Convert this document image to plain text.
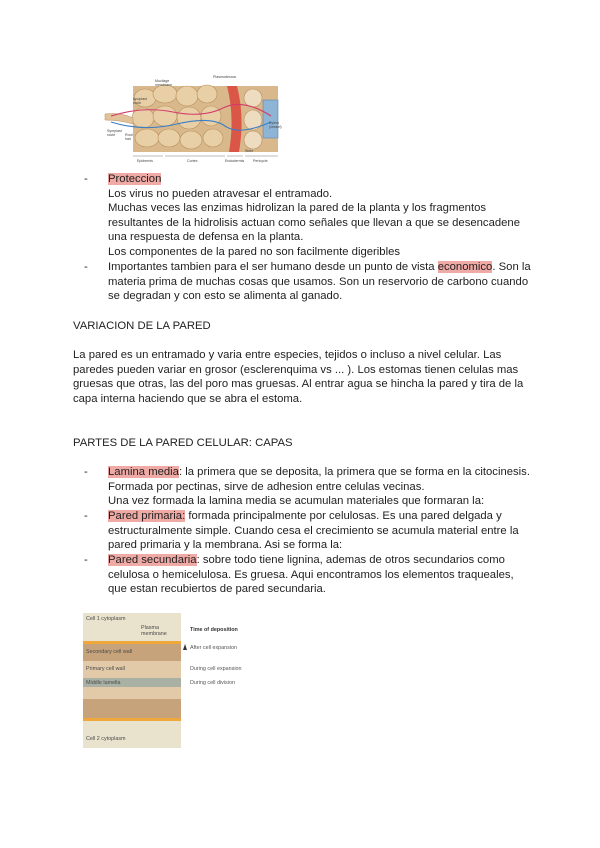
Plasmodesma
Mucilage membrane
Apoplast route
Symplast route	Root hair
Xylem (vessel)
Epidermis	Cortex	Endodermis Pericycle
Stele
-	Proteccion
Los virus no pueden atravesar el entramado.
Muchas veces las enzimas hidrolizan la pared de la planta y los fragmentos
resultantes de la hidrolisis actuan como señales que llevan a que se desencadene
una respuesta de defensa en la planta.
Los componentes de la pared no son facilmente digeribles
-	Importantes tambien para el ser humano desde un punto de vista economico. Son la
materia prima de muchas cosas que usamos. Son un reservorio de carbono cuando
se degradan y con esto se alimenta al ganado.
VARIACION DE LA PARED
La pared es un entramado y varia entre especies, tejidos o incluso a nivel celular. Las
paredes pueden variar en grosor (esclerenquima vs ... ). Los estomas tienen celulas mas
gruesas que otras, las del poro mas gruesas. Al entrar agua se hincha la pared y tira de la
capa interna haciendo que se abra el estoma.
PARTES DE LA PARED CELULAR: CAPAS
-	Lamina media: la primera que se deposita, la primera que se forma en la citocinesis.
Formada por pectinas, sirve de adhesion entre celulas vecinas.
Una vez formada la lamina media se acumulan materiales que formaran la:
-	Pared primaria: formada principalmente por celulosas. Es una pared delgada y
estructuralmente simple. Cuando cesa el crecimiento se acumula material entre la
pared primaria y la membrana. Asi se forma la:
-	Pared secundaria: sobre todo tiene lignina, ademas de otros secundarios como
celulosa o hemicelulosa. Es gruesa. Aqui encontramos los elementos traqueales,
que estan recubiertos de pared secundaria.
Cell 1 cytoplasm
Plasma
membrane
Secondary cell wall
Primary cell wall
Middle lamella
Cell 2 cytoplasm
Time of deposition
After cell expansion
During cell expansion
During cell division
